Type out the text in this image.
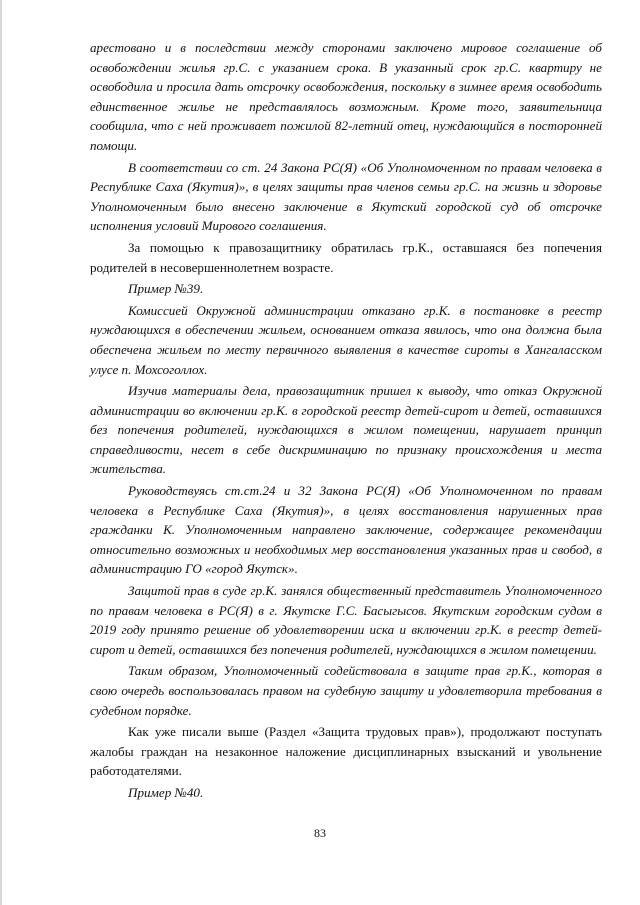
арестовано и в последствии между сторонами заключено мировое соглашение об освобождении жилья гр.С. с указанием срока. В указанный срок гр.С. квартиру не освободила и просила дать отсрочку освобождения, поскольку в зимнее время освободить единственное жилье не представлялось возможным. Кроме того, заявительница сообщила, что с ней проживает пожилой 82-летний отец, нуждающийся в посторонней помощи.

В соответствии со ст. 24 Закона РС(Я) «Об Уполномоченном по правам человека в Республике Саха (Якутия)», в целях защиты прав членов семьи гр.С. на жизнь и здоровье Уполномоченным было внесено заключение в Якутский городской суд об отсрочке исполнения условий Мирового соглашения.

За помощью к правозащитнику обратилась гр.К., оставшаяся без попечения родителей в несовершеннолетнем возрасте.

Пример №39.

Комиссией Окружной администрации отказано гр.К. в постановке в реестр нуждающихся в обеспечении жильем, основанием отказа явилось, что она должна была обеспечена жильем по месту первичного выявления в качестве сироты в Хангаласском улусе п. Мохсоголлох.

Изучив материалы дела, правозащитник пришел к выводу, что отказ Окружной администрации во включении гр.К. в городской реестр детей-сирот и детей, оставшихся без попечения родителей, нуждающихся в жилом помещении, нарушает принцип справедливости, несет в себе дискриминацию по признаку происхождения и места жительства.

Руководствуясь ст.ст.24 и 32 Закона РС(Я) «Об Уполномоченном по правам человека в Республике Саха (Якутия)», в целях восстановления нарушенных прав гражданки К. Уполномоченным направлено заключение, содержащее рекомендации относительно возможных и необходимых мер восстановления указанных прав и свобод, в администрацию ГО «город Якутск».

Защитой прав в суде гр.К. занялся общественный представитель Уполномоченного по правам человека в РС(Я) в г. Якутске Г.С. Басыгысов. Якутским городским судом в 2019 году принято решение об удовлетворении иска и включении гр.К. в реестр детей-сирот и детей, оставшихся без попечения родителей, нуждающихся в жилом помещении.

Таким образом, Уполномоченный содействовала в защите прав гр.К., которая в свою очередь воспользовалась правом на судебную защиту и удовлетворила требования в судебном порядке.

Как уже писали выше (Раздел «Защита трудовых прав»), продолжают поступать жалобы граждан на незаконное наложение дисциплинарных взысканий и увольнение работодателями.

Пример №40.

83
